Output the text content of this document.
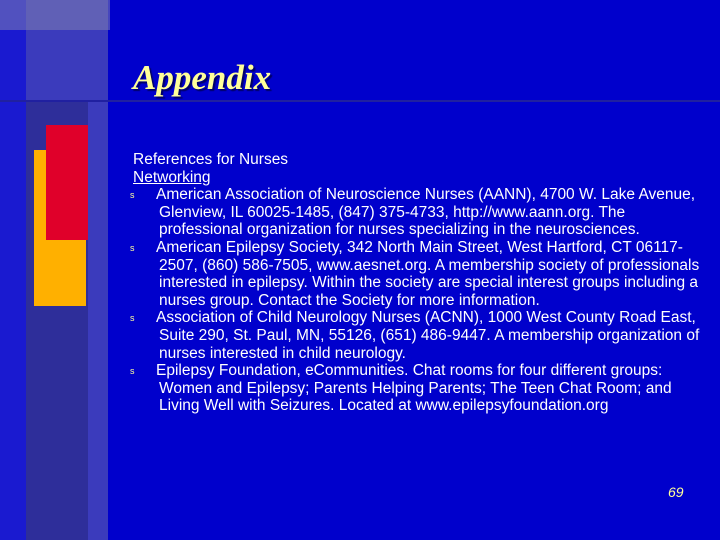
Appendix
References for Nurses
Networking
s American Association of Neuroscience Nurses (AANN), 4700 W. Lake Avenue, Glenview, IL 60025-1485, (847) 375-4733, http://www.aann.org. The professional organization for nurses specializing in the neurosciences.
s American Epilepsy Society, 342 North Main Street, West Hartford, CT 06117-2507, (860) 586-7505, www.aesnet.org. A membership society of professionals interested in epilepsy. Within the society are special interest groups including a nurses group. Contact the Society for more information.
s Association of Child Neurology Nurses (ACNN), 1000 West County Road East, Suite 290, St. Paul, MN, 55126, (651) 486-9447. A membership organization of nurses interested in child neurology.
s Epilepsy Foundation, eCommunities. Chat rooms for four different groups: Women and Epilepsy; Parents Helping Parents; The Teen Chat Room; and Living Well with Seizures. Located at www.epilepsyfoundation.org
69
